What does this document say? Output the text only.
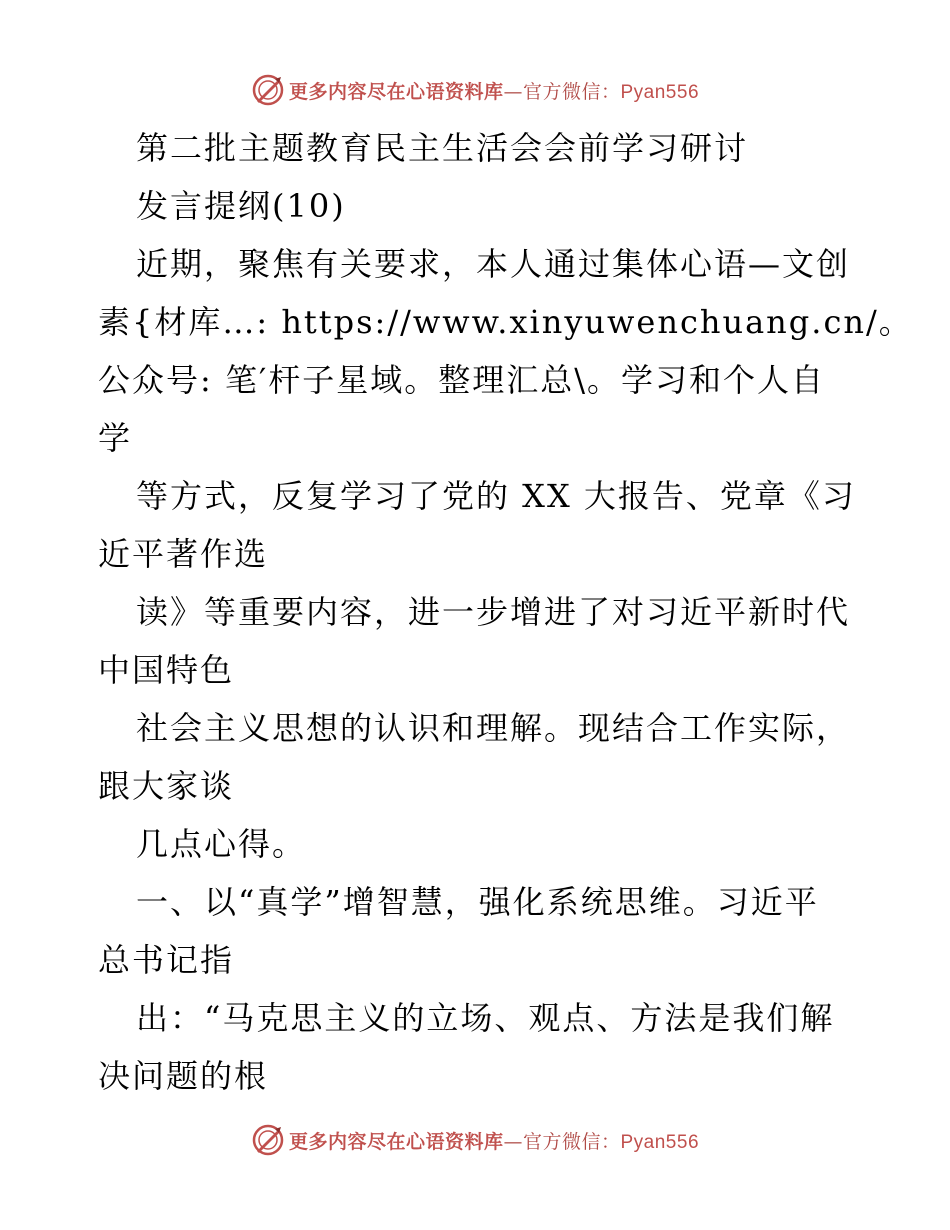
更多内容尽在心语资料库—官方微信：Pyan556
第二批主题教育民主生活会会前学习研讨
发言提纲(10)
近期，聚焦有关要求，本人通过集体心语—文创
素{材库…: https://www.xinyuwenchuang.cn/。
公众号: 笔′杆子星域。整理汇总\。学习和个人自
学
等方式，反复学习了党的 XX 大报告、党章《习
近平著作选
读》等重要内容，进一步增进了对习近平新时代
中国特色
社会主义思想的认识和理解。现结合工作实际，
跟大家谈
几点心得。
一、以“真学”增智慧，强化系统思维。习近平
总书记指
出：“马克思主义的立场、观点、方法是我们解
决问题的根
更多内容尽在心语资料库—官方微信：Pyan556
